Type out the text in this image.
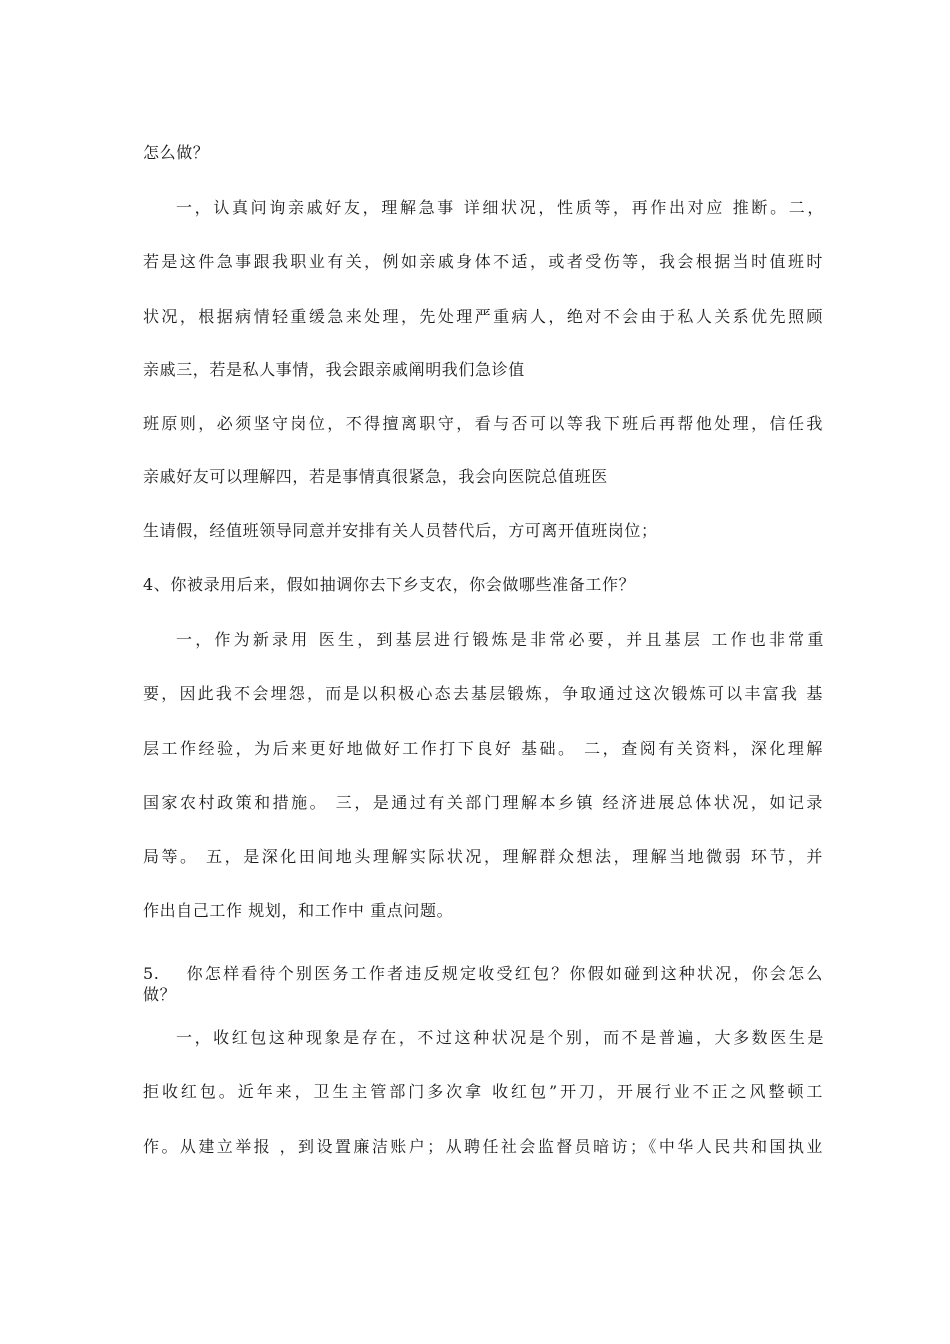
怎么做？
一，认真问询亲戚好友，理解急事 详细状况，性质等，再作出对应 推断。二，
若是这件急事跟我职业有关，例如亲戚身体不适，或者受伤等，我会根据当时值班时
状况，根据病情轻重缓急来处理，先处理严重病人，绝对不会由于私人关系优先照顾
亲戚三，若是私人事情，我会跟亲戚阐明我们急诊值
班原则，必须坚守岗位，不得擅离职守，看与否可以等我下班后再帮他处理，信任我
亲戚好友可以理解四，若是事情真很紧急，我会向医院总值班医
生请假，经值班领导同意并安排有关人员替代后，方可离开值班岗位；
4、你被录用后来，假如抽调你去下乡支农，你会做哪些准备工作？
一，作为新录用 医生，到基层进行锻炼是非常必要，并且基层 工作也非常重
要，因此我不会埋怨，而是以积极心态去基层锻炼，争取通过这次锻炼可以丰富我 基
层工作经验，为后来更好地做好工作打下良好 基础。 二，查阅有关资料，深化理解
国家农村政策和措施。 三，是通过有关部门理解本乡镇 经济进展总体状况，如记录
局等。 五，是深化田间地头理解实际状况，理解群众想法，理解当地微弱 环节，并
作出自己工作 规划，和工作中 重点问题。
5.　 你怎样看待个别医务工作者违反规定收受红包？你假如碰到这种状况，你会怎么
做？
一，收红包这种现象是存在，不过这种状况是个别，而不是普遍，大多数医生是
拒收红包。近年来，卫生主管部门多次拿 收红包”开刀，开展行业不正之风整顿工
作。从建立举报 ，到设置廉洁账户；从聘任社会监督员暗访；《中华人民共和国执业
